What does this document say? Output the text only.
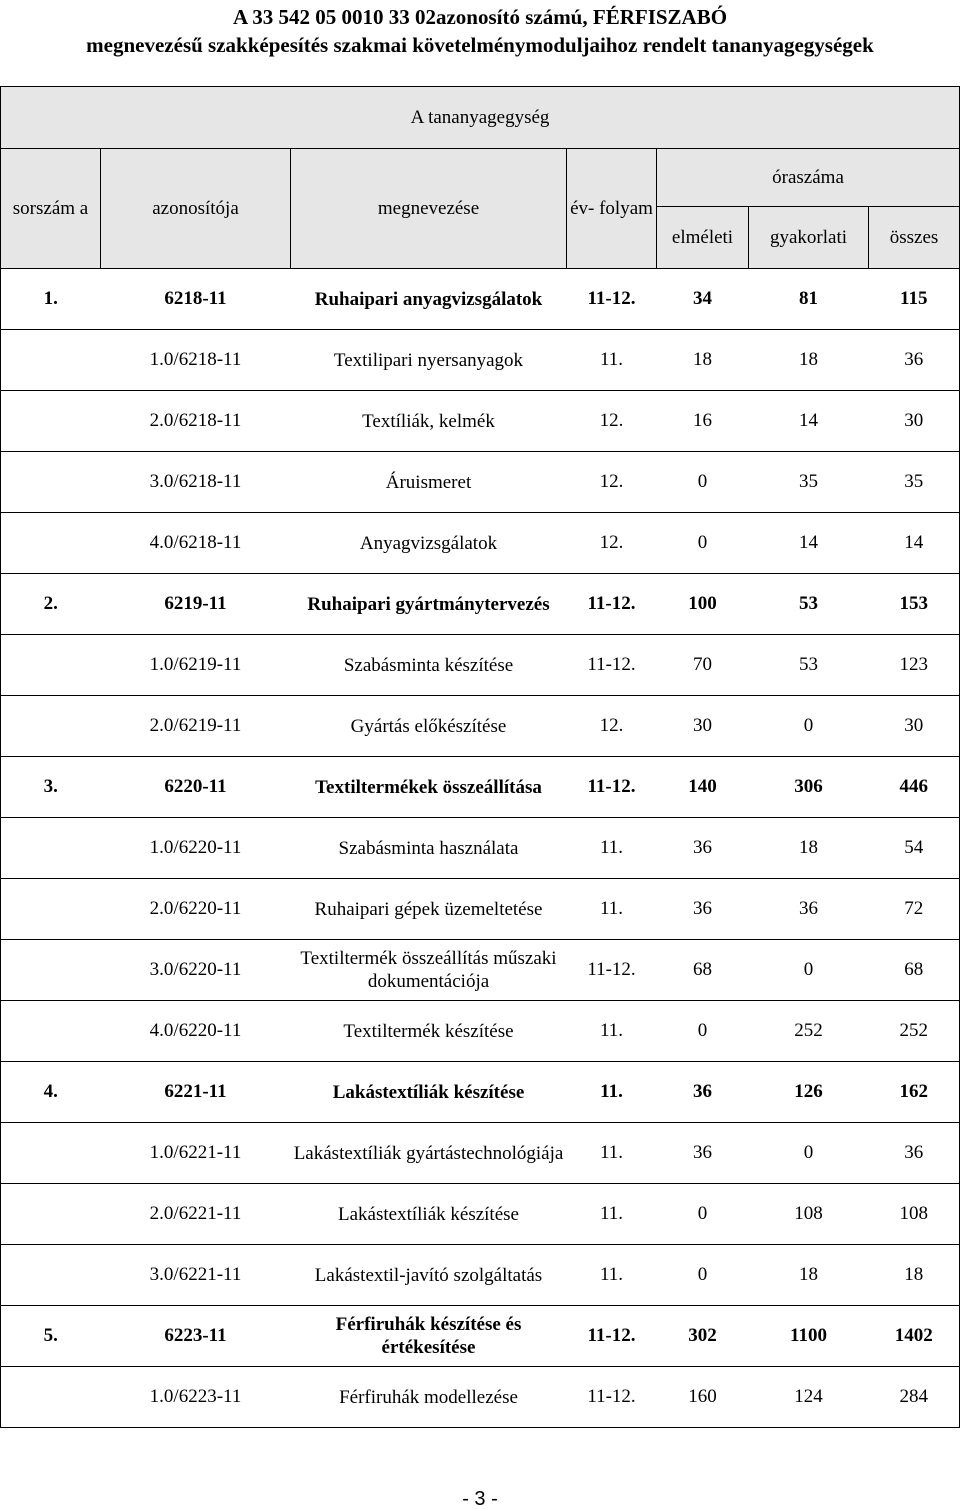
A 33 542 05 0010 33 02azonosító számú, FÉRFISZABÓ
megnevezésű szakképesítés szakmai követelménymoduljaihoz rendelt tananyagegységek
A tananyagegység						
sorszám a	azonosítója	megnevezése	év- folyam	óraszáma		
				elméleti	gyakorlati	összes
1.	6218-11	Ruhaipari anyagvizsgálatok	11-12.	34	81	115
	1.0/6218-11	Textilipari nyersanyagok	11.	18	18	36
	2.0/6218-11	Textíliák, kelmék	12.	16	14	30
	3.0/6218-11	Áruismeret	12.	0	35	35
	4.0/6218-11	Anyagvizsgálatok	12.	0	14	14
2.	6219-11	Ruhaipari gyártmánytervezés	11-12.	100	53	153
	1.0/6219-11	Szabásminta készítése	11-12.	70	53	123
	2.0/6219-11	Gyártás előkészítése	12.	30	0	30
3.	6220-11	Textiltermékek összeállítása	11-12.	140	306	446
	1.0/6220-11	Szabásminta használata	11.	36	18	54
	2.0/6220-11	Ruhaipari gépek üzemeltetése	11.	36	36	72
	3.0/6220-11	Textiltermék összeállítás műszaki dokumentációja	11-12.	68	0	68
	4.0/6220-11	Textiltermék készítése	11.	0	252	252
4.	6221-11	Lakástextíliák készítése	11.	36	126	162
	1.0/6221-11	Lakástextíliák gyártástechnológiája	11.	36	0	36
	2.0/6221-11	Lakástextíliák készítése	11.	0	108	108
	3.0/6221-11	Lakástextil-javító szolgáltatás	11.	0	18	18
5.	6223-11	Férfiruhák készítése és értékesítése	11-12.	302	1100	1402
	1.0/6223-11	Férfiruhák modellezése	11-12.	160	124	284
- 3 -
